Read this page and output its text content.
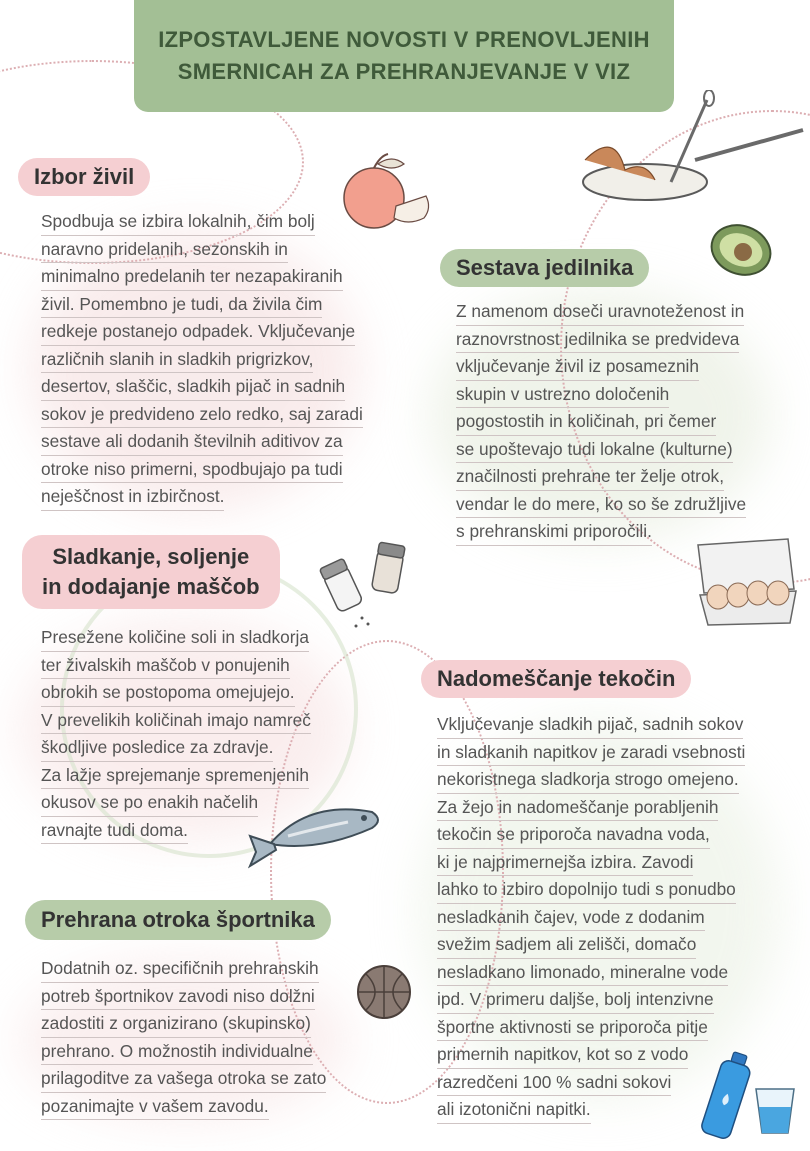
IZPOSTAVLJENE NOVOSTI V PRENOVLJENIH
SMERNICAH ZA PREHRANJEVANJE V VIZ
Izbor živil
Spodbuja se izbira lokalnih, čim bolj
naravno pridelanih, sezonskih in
minimalno predelanih ter nezapakiranih
živil. Pomembno je tudi, da živila čim
redkeje postanejo odpadek. Vključevanje
različnih slanih in sladkih prigrizkov,
desertov, slaščic, sladkih pijač in sadnih
sokov je predvideno zelo redko, saj zaradi
sestave ali dodanih številnih aditivov za
otroke niso primerni, spodbujajo pa tudi
neješčnost in izbirčnost.
Sestava jedilnika
Z namenom doseči uravnoteženost in
raznovrstnost jedilnika se predvideva
vključevanje živil iz posameznih
skupin v ustrezno določenih
pogostostih in količinah, pri čemer
se upoštevajo tudi lokalne (kulturne)
značilnosti prehrane ter želje otrok,
vendar le do mere, ko so še združljive
s prehranskimi priporočili.
Sladkanje, soljenje
in dodajanje maščob
Presežene količine soli in sladkorja
ter živalskih maščob v ponujenih
obrokih se postopoma omejujejo.
V prevelikih količinah imajo namreč
škodljive posledice za zdravje.
Za lažje sprejemanje spremenjenih
okusov se po enakih načelih
ravnajte tudi doma.
Nadomeščanje tekočin
Vključevanje sladkih pijač, sadnih sokov
in sladkanih napitkov je zaradi vsebnosti
nekoristnega sladkorja strogo omejeno.
Za žejo in nadomeščanje porabljenih
tekočin se priporoča navadna voda,
ki je najprimernejša izbira. Zavodi
lahko to izbiro dopolnijo tudi s ponudbo
nesladkanih čajev, vode z dodanim
svežim sadjem ali zelišči, domačo
nesladkano limonado, mineralne vode
ipd. V primeru daljše, bolj intenzivne
športne aktivnosti se priporoča pitje
primernih napitkov, kot so z vodo
razredčeni 100 % sadni sokovi
ali izotonični napitki.
Prehrana otroka športnika
Dodatnih oz. specifičnih prehranskih
potreb športnikov zavodi niso dolžni
zadostiti z organizirano (skupinsko)
prehrano. O možnostih individualne
prilagoditve za vašega otroka se zato
pozanimajte v vašem zavodu.
